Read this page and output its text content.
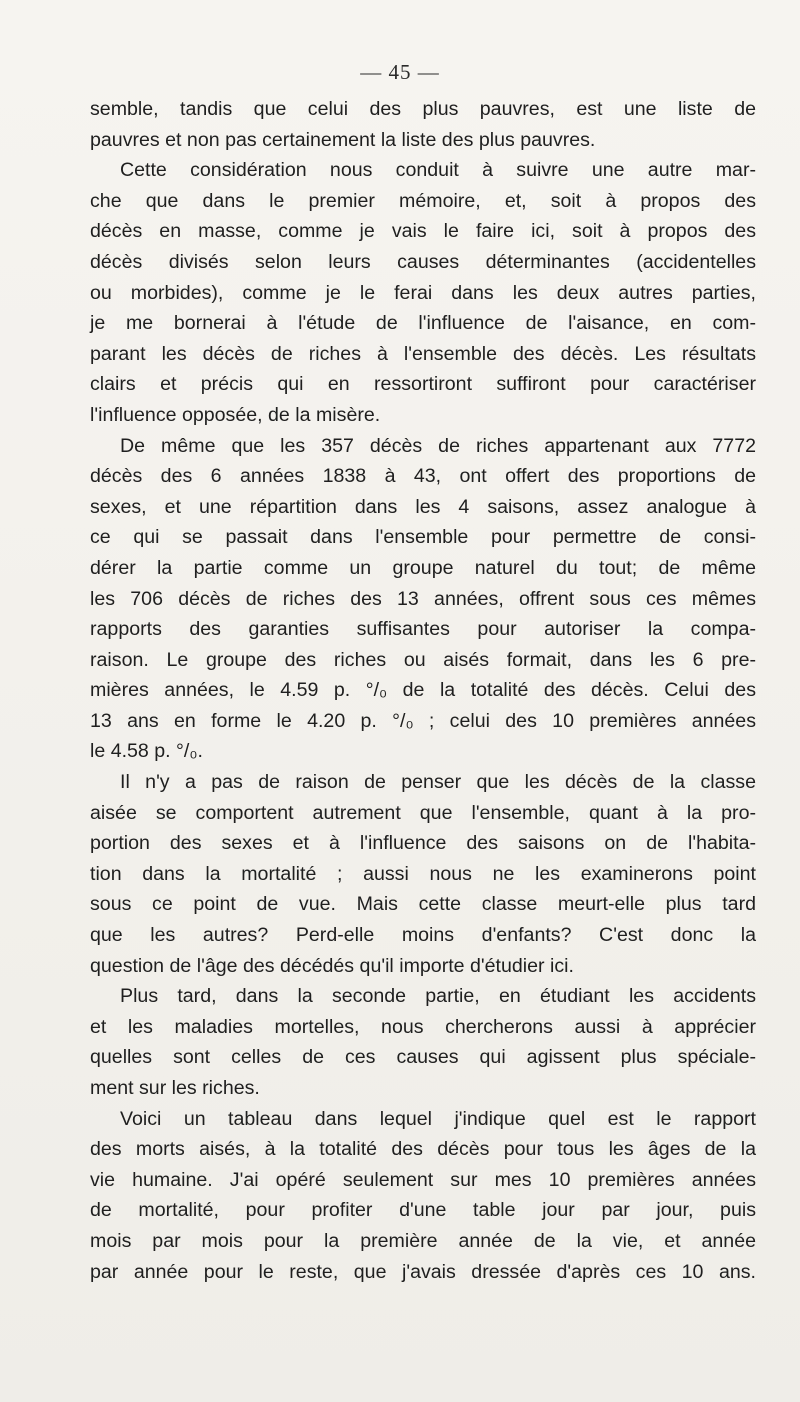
— 45 —
semble, tandis que celui des plus pauvres, est une liste de
pauvres et non pas certainement la liste des plus pauvres.
Cette considération nous conduit à suivre une autre mar-
che que dans le premier mémoire, et, soit à propos des
décès en masse, comme je vais le faire ici, soit à propos des
décès divisés selon leurs causes déterminantes (accidentelles
ou morbides), comme je le ferai dans les deux autres parties,
je me bornerai à l'étude de l'influence de l'aisance, en com-
parant les décès de riches à l'ensemble des décès. Les résultats
clairs et précis qui en ressortiront suffiront pour caractériser
l'influence opposée, de la misère.
De même que les 357 décès de riches appartenant aux 7772
décès des 6 années 1838 à 43, ont offert des proportions de
sexes, et une répartition dans les 4 saisons, assez analogue à
ce qui se passait dans l'ensemble pour permettre de consi-
dérer la partie comme un groupe naturel du tout; de même
les 706 décès de riches des 13 années, offrent sous ces mêmes
rapports des garanties suffisantes pour autoriser la compa-
raison. Le groupe des riches ou aisés formait, dans les 6 pre-
mières années, le 4.59 p. °/₀ de la totalité des décès. Celui des
13 ans en forme le 4.20 p. °/₀ ; celui des 10 premières années
le 4.58 p. °/₀.
Il n'y a pas de raison de penser que les décès de la classe
aisée se comportent autrement que l'ensemble, quant à la pro-
portion des sexes et à l'influence des saisons on de l'habita-
tion dans la mortalité ; aussi nous ne les examinerons point
sous ce point de vue. Mais cette classe meurt-elle plus tard
que les autres? Perd-elle moins d'enfants? C'est donc la
question de l'âge des décédés qu'il importe d'étudier ici.
Plus tard, dans la seconde partie, en étudiant les accidents
et les maladies mortelles, nous chercherons aussi à apprécier
quelles sont celles de ces causes qui agissent plus spéciale-
ment sur les riches.
Voici un tableau dans lequel j'indique quel est le rapport
des morts aisés, à la totalité des décès pour tous les âges de la
vie humaine. J'ai opéré seulement sur mes 10 premières années
de mortalité, pour profiter d'une table jour par jour, puis
mois par mois pour la première année de la vie, et année
par année pour le reste, que j'avais dressée d'après ces 10 ans.
